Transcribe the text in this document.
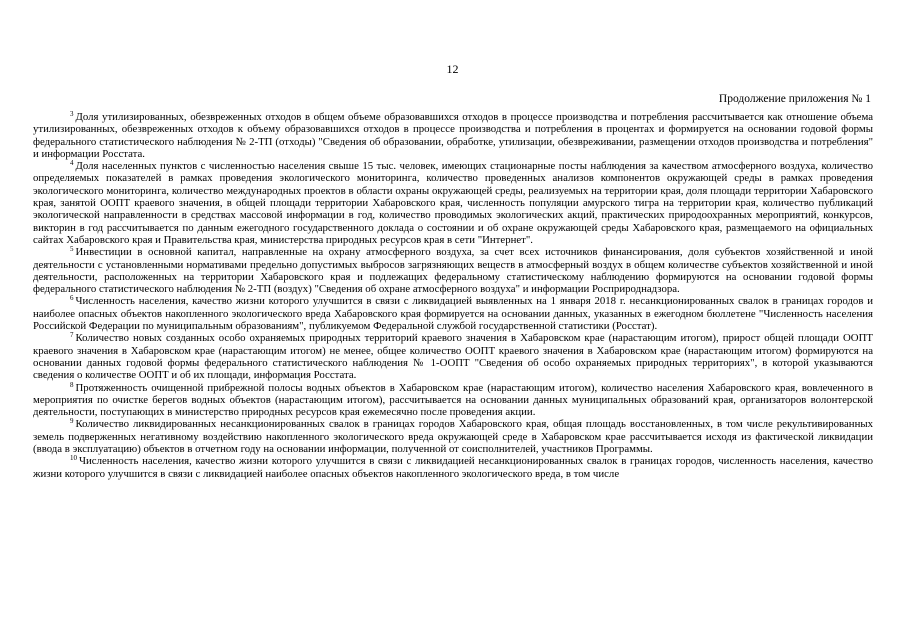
12
Продолжение приложения № 1

$^3$ Доля утилизированных, обезвреженных отходов в общем объеме образовавшихся отходов в процессе производства и потребления рассчитывается как отношение объема утилизированных, обезвреженных отходов к объему образовавшихся отходов в процессе производства и потребления в процентах и формируется на основании годовой формы федерального статистического наблюдения № 2-ТП (отходы) "Сведения об образовании, обработке, утилизации, обезвреживании, размещении отходов производства и потребления" и информации Росстата.

$^4$ Доля населенных пунктов с численностью населения свыше 15 тыс. человек, имеющих стационарные посты наблюдения за качеством атмосферного воздуха, количество определяемых показателей в рамках проведения экологического мониторинга, количество проведенных анализов компонентов окружающей среды в рамках проведения экологического мониторинга, количество международных проектов в области охраны окружающей среды, реализуемых на территории края, доля площади территории Хабаровского края, занятой ООПТ краевого значения, в общей площади территории Хабаровского края, численность популяции амурского тигра на территории края, количество публикаций экологической направленности в средствах массовой информации в год, количество проводимых экологических акций, практических природоохранных мероприятий, конкурсов, викторин в год рассчитывается по данным ежегодного государственного доклада о состоянии и об охране окружающей среды Хабаровского края, размещаемого на официальных сайтах Хабаровского края и Правительства края, министерства природных ресурсов края в сети "Интернет".

$^5$ Инвестиции в основной капитал, направленные на охрану атмосферного воздуха, за счет всех источников финансирования, доля субъектов хозяйственной и иной деятельности с установленными нормативами предельно допустимых выбросов загрязняющих веществ в атмосферный воздух в общем количестве субъектов хозяйственной и иной деятельности, расположенных на территории Хабаровского края и подлежащих федеральному статистическому наблюдению формируются на основании годовой формы федерального статистического наблюдения № 2-ТП (воздух) "Сведения об охране атмосферного воздуха" и информации Росприроднадзора.

$^6$ Численность населения, качество жизни которого улучшится в связи с ликвидацией выявленных на 1 января 2018 г. несанкционированных свалок в границах городов и наиболее опасных объектов накопленного экологического вреда Хабаровского края формируется на основании данных, указанных в ежегодном бюллетене "Численность населения Российской Федерации по муниципальным образованиям", публикуемом Федеральной службой государственной статистики (Росстат).

$^7$ Количество новых созданных особо охраняемых природных территорий краевого значения в Хабаровском крае (нарастающим итогом), прирост общей площади ООПТ краевого значения в Хабаровском крае (нарастающим итогом) не менее, общее количество ООПТ краевого значения в Хабаровском крае (нарастающим итогом) формируются на основании данных годовой формы федерального статистического наблюдения № 1-ООПТ "Сведения об особо охраняемых природных территориях", в которой указываются сведения о количестве ООПТ и об их площади, информация Росстата.

$^8$ Протяженность очищенной прибрежной полосы водных объектов в Хабаровском крае (нарастающим итогом), количество населения Хабаровского края, вовлеченного в мероприятия по очистке берегов водных объектов (нарастающим итогом), рассчитывается на основании данных муниципальных образований края, организаторов волонтерской деятельности, поступающих в министерство природных ресурсов края ежемесячно после проведения акции.

$^9$ Количество ликвидированных несанкционированных свалок в границах городов Хабаровского края, общая площадь восстановленных, в том числе рекультивированных земель подверженных негативному воздействию накопленного экологического вреда окружающей среде в Хабаровском крае рассчитывается исходя из фактической ликвидации (ввода в эксплуатацию) объектов в отчетном году на основании информации, полученной от соисполнителей, участников Программы.

$^{10}$ Численность населения, качество жизни которого улучшится в связи с ликвидацией несанкционированных свалок в границах городов, численность населения, качество жизни которого улучшится в связи с ликвидацией наиболее опасных объектов накопленного экологического вреда, в том числе
